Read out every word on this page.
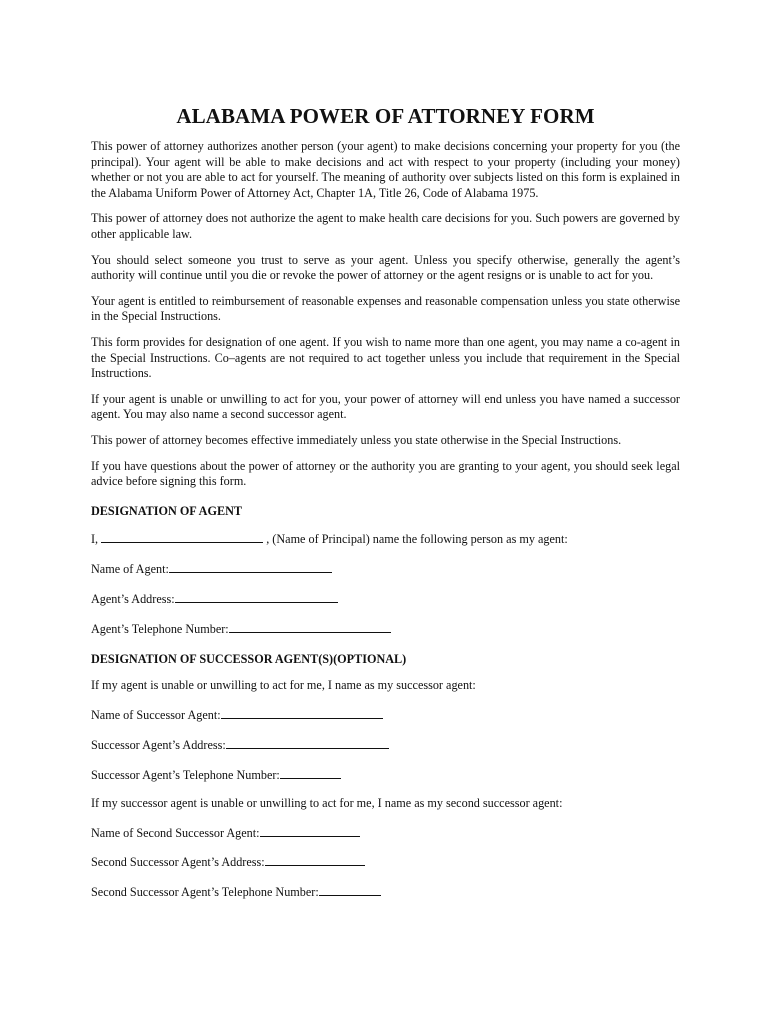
ALABAMA POWER OF ATTORNEY FORM

This power of attorney authorizes another person (your agent) to make decisions concerning your property for you (the principal). Your agent will be able to make decisions and act with respect to your property (including your money) whether or not you are able to act for yourself. The meaning of authority over subjects listed on this form is explained in the Alabama Uniform Power of Attorney Act, Chapter 1A, Title 26, Code of Alabama 1975.

This power of attorney does not authorize the agent to make health care decisions for you. Such powers are governed by other applicable law.

You should select someone you trust to serve as your agent. Unless you specify otherwise, generally the agent’s authority will continue until you die or revoke the power of attorney or the agent resigns or is unable to act for you.

Your agent is entitled to reimbursement of reasonable expenses and reasonable compensation unless you state otherwise in the Special Instructions.

This form provides for designation of one agent. If you wish to name more than one agent, you may name a co-agent in the Special Instructions. Co–agents are not required to act together unless you include that requirement in the Special Instructions.

If your agent is unable or unwilling to act for you, your power of attorney will end unless you have named a successor agent. You may also name a second successor agent.

This power of attorney becomes effective immediately unless you state otherwise in the Special Instructions.

If you have questions about the power of attorney or the authority you are granting to your agent, you should seek legal advice before signing this form.

DESIGNATION OF AGENT
I,	, (Name of Principal) name the following person as my agent:
Name of Agent:
Agent’s Address:
Agent’s Telephone Number:
DESIGNATION OF SUCCESSOR AGENT(S)(OPTIONAL)
If my agent is unable or unwilling to act for me, I name as my successor agent:
Name of Successor Agent:
Successor Agent’s Address:
Successor Agent’s Telephone Number:
If my successor agent is unable or unwilling to act for me, I name as my second successor agent:
Name of Second Successor Agent:
Second Successor Agent’s Address:
Second Successor Agent’s Telephone Number:
